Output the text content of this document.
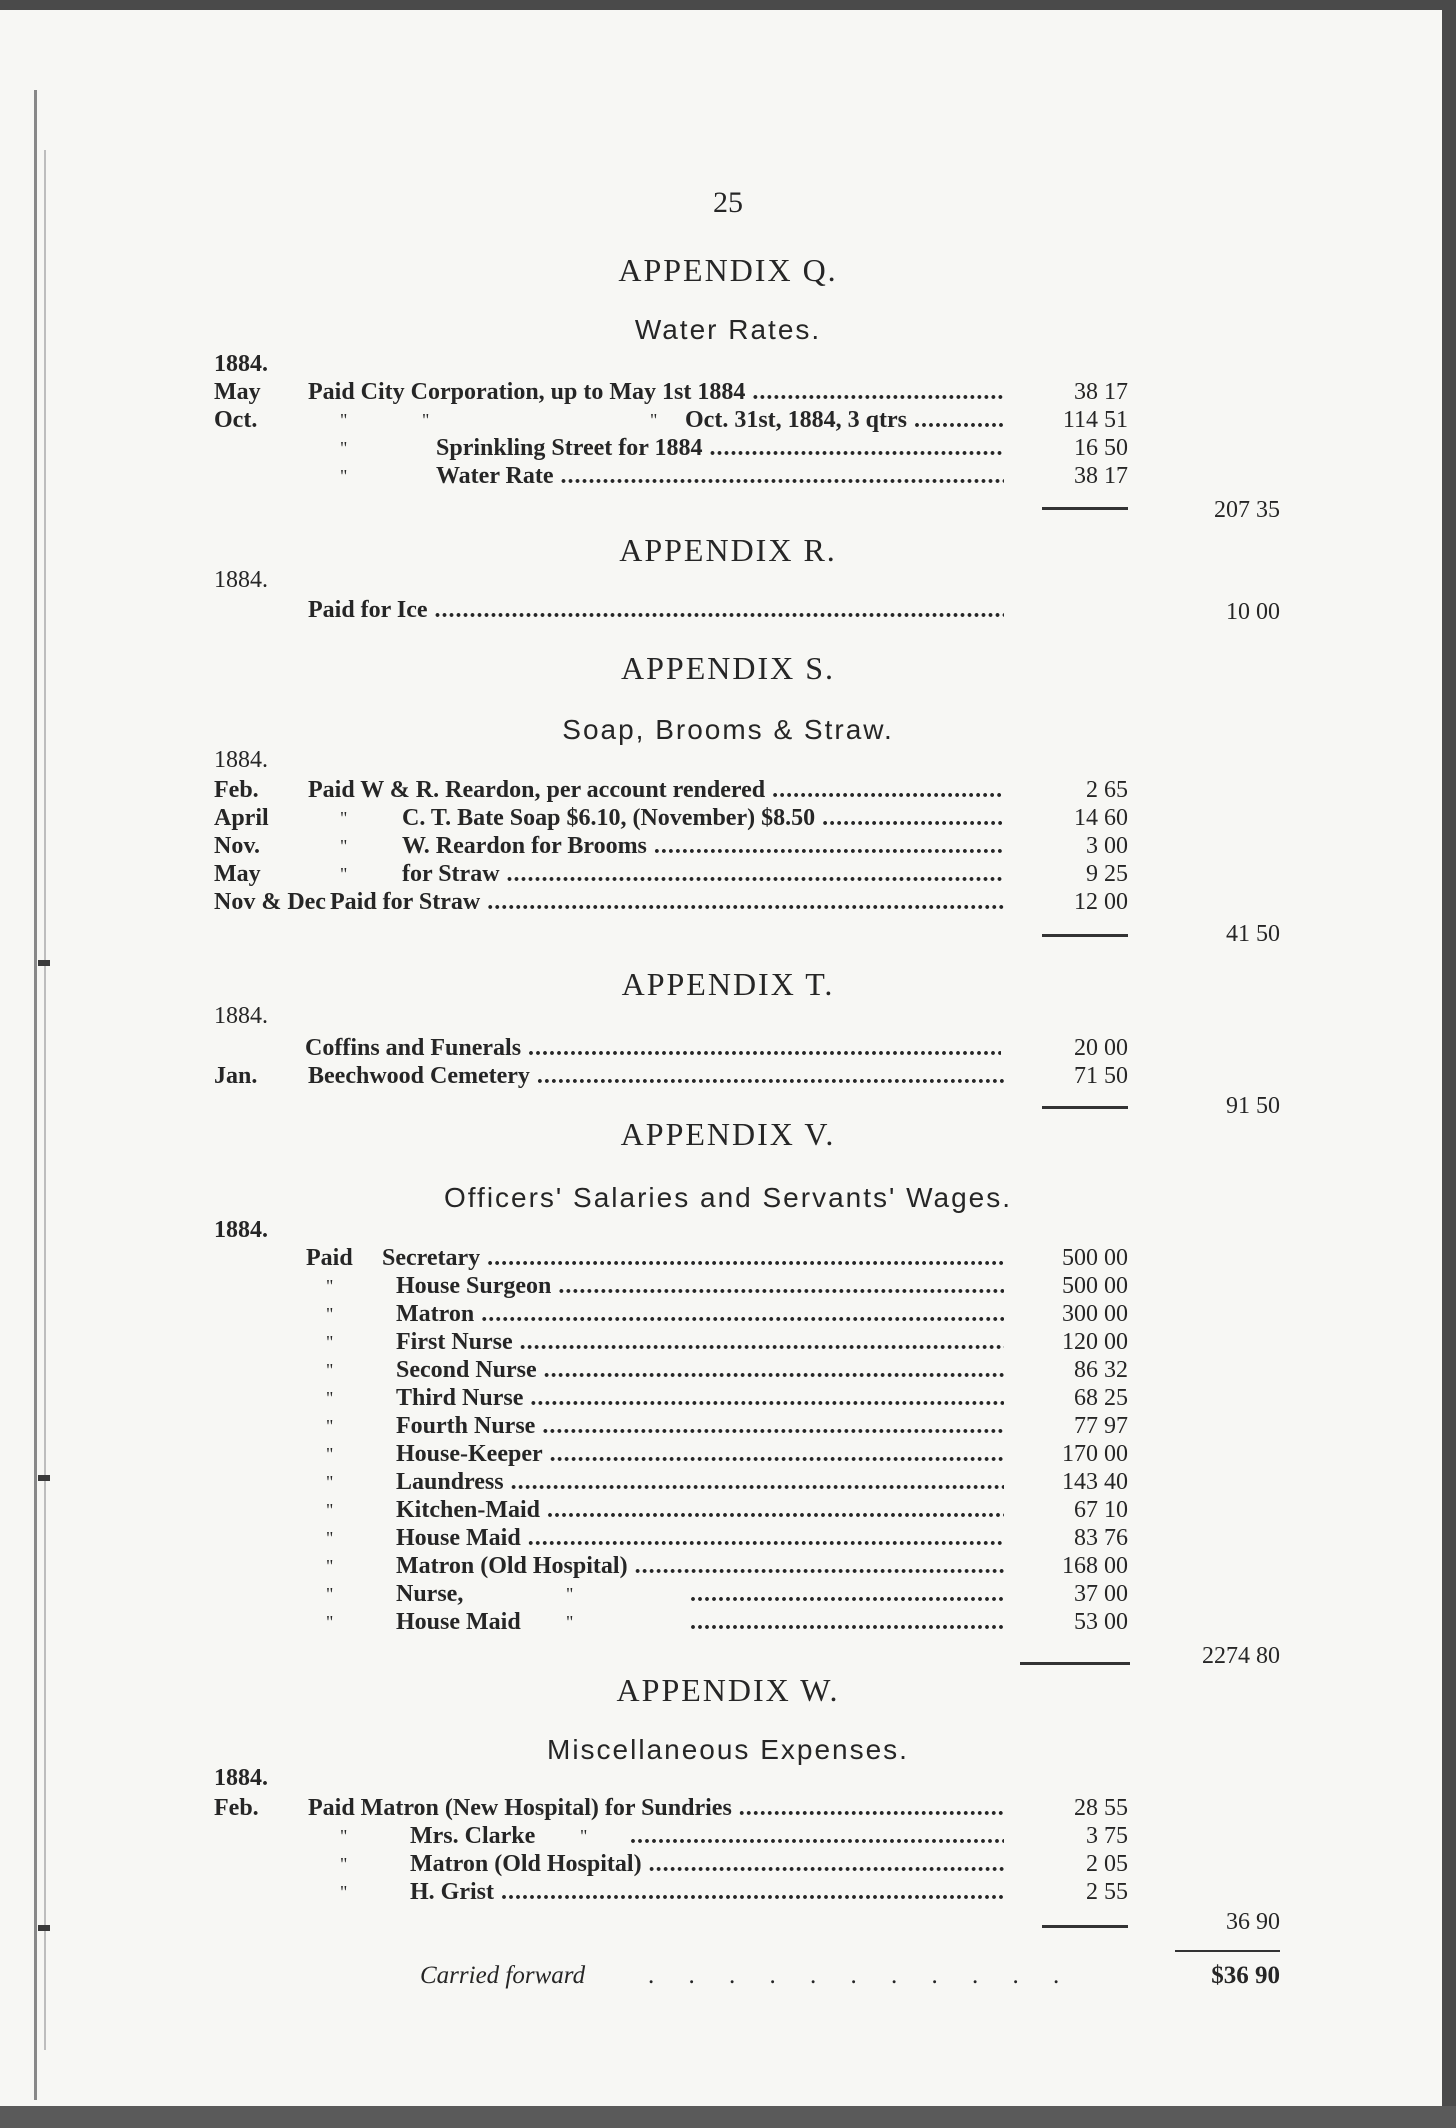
25
APPENDIX Q.
Water Rates.
1884.
May Paid City Corporation, up to May 1st 1884 .....	38 17
Oct.	"	"	" Oct. 31st, 1884, 3 qtrs .....	114 51
"	Sprinkling Street for 1884 .....	16 50
"	Water Rate .....	38 17
207 35
APPENDIX R.
1884.
Paid for Ice .....	10 00
APPENDIX S.
Soap, Brooms & Straw.
1884.
Feb. Paid W & R. Reardon, per account rendered .....	2 65
April	" C. T. Bate Soap $6.10, (November) $8.50 .....	14 60
Nov.	" W. Reardon for Brooms .....	3 00
May	" for Straw .....	9 25
Nov & Dec Paid for Straw .....	12 00
41 50
APPENDIX T.
1884.
Coffins and Funerals .....	20 00
Jan. Beechwood Cemetery .....	71 50
91 50
APPENDIX V.
Officers' Salaries and Servants' Wages.
1884.
Paid Secretary .....	500 00
"	House Surgeon .....	500 00
"	Matron .....	300 00
"	First Nurse .....	120 00
"	Second Nurse .....	86 32
"	Third Nurse .....	68 25
"	Fourth Nurse .....	77 97
"	House-Keeper .....	170 00
"	Laundress .....	143 40
"	Kitchen-Maid .....	67 10
"	House Maid .....	83 76
"	Matron (Old Hospital) .....	168 00
"	Nurse,	" .....	37 00
"	House Maid	" .....	53 00
2274 80
APPENDIX W.
Miscellaneous Expenses.
1884.
Feb. Paid Matron (New Hospital) for Sundries .....	28 55
"	Mrs. Clarke " .....	3 75
"	Matron (Old Hospital) .....	2 05
"	H. Grist .....	2 55
36 90
Carried forward	. . . . . . . . . . .	$36 90
